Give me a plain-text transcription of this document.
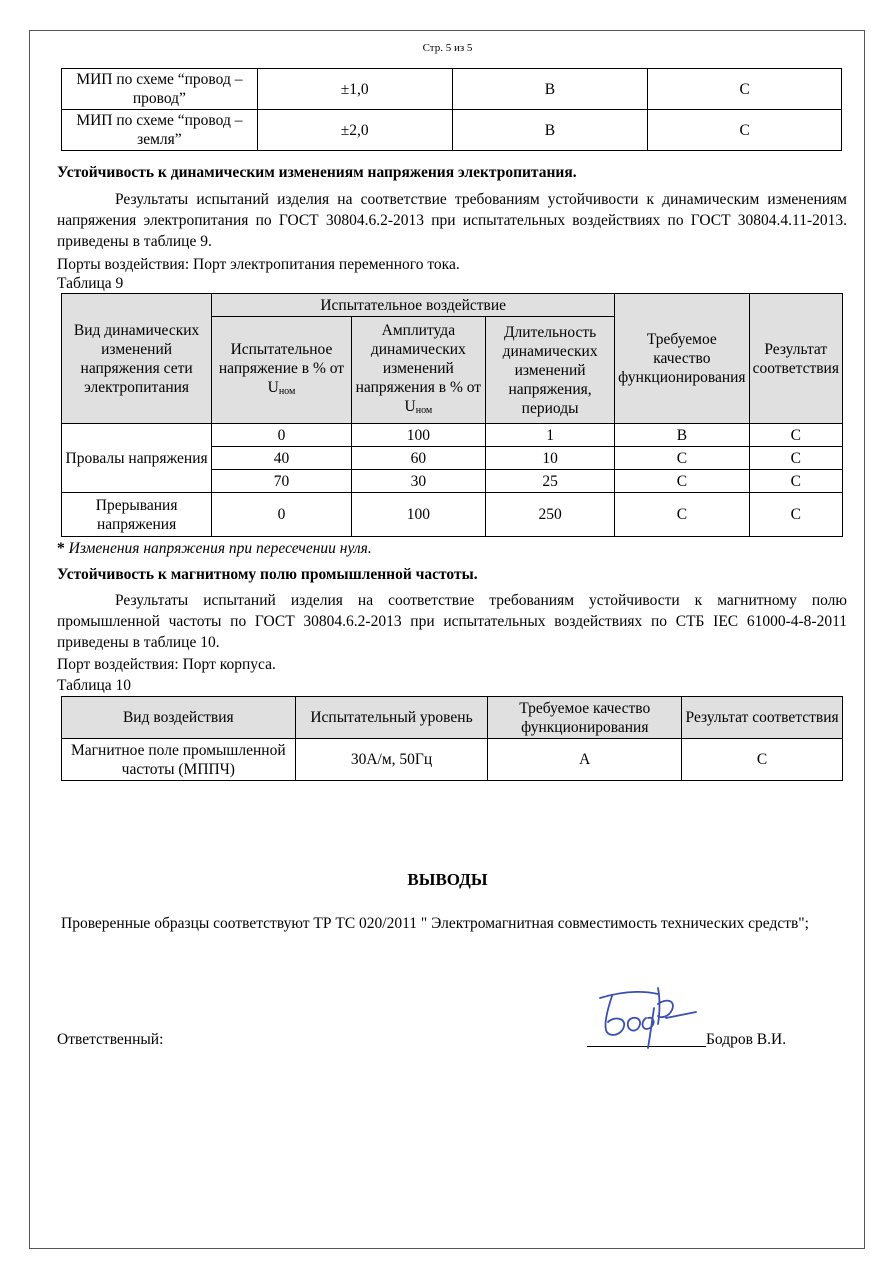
Стр. 5 из 5
МИП по схеме “провод – провод”	±1,0	B	C
МИП по схеме “провод – земля”	±2,0	B	C
Устойчивость к динамическим изменениям напряжения электропитания.
Результаты испытаний изделия на соответствие требованиям устойчивости к динамическим изменениям напряжения электропитания по ГОСТ 30804.6.2-2013 при испытательных воздействиях по ГОСТ 30804.4.11-2013. приведены в таблице 9.
Порты воздействия: Порт электропитания переменного тока.
Таблица 9
Вид динамических изменений напряжения сети электропитания	Испытательное воздействие			Требуемое качество функционирования	Результат соответствия
	Испытательное напряжение в % от $U_{ном}$	Амплитуда динамических изменений напряжения в % от $U_{ном}$	Длительность динамических изменений напряжения, периоды		
Провалы напряжения	0	100	1	B	C
	40	60	10	C	C
	70	30	25	C	C
Прерывания напряжения	0	100	250	C	C
* Изменения напряжения при пересечении нуля.
Устойчивость к магнитному полю промышленной частоты.
Результаты испытаний изделия на соответствие требованиям устойчивости к магнитному полю промышленной частоты по ГОСТ 30804.6.2-2013 при испытательных воздействиях по СТБ IEC 61000-4-8-2011 приведены в таблице 10.
Порт воздействия: Порт корпуса.
Таблица 10
Вид воздействия	Испытательный уровень	Требуемое качество функционирования	Результат соответствия
Магнитное поле промышленной частоты (МППЧ)	30А/м, 50Гц	А	С
ВЫВОДЫ
Проверенные образцы соответствуют ТР ТС 020/2011 " Электромагнитная совместимость технических средств";
Ответственный:	Бодров В.И.
